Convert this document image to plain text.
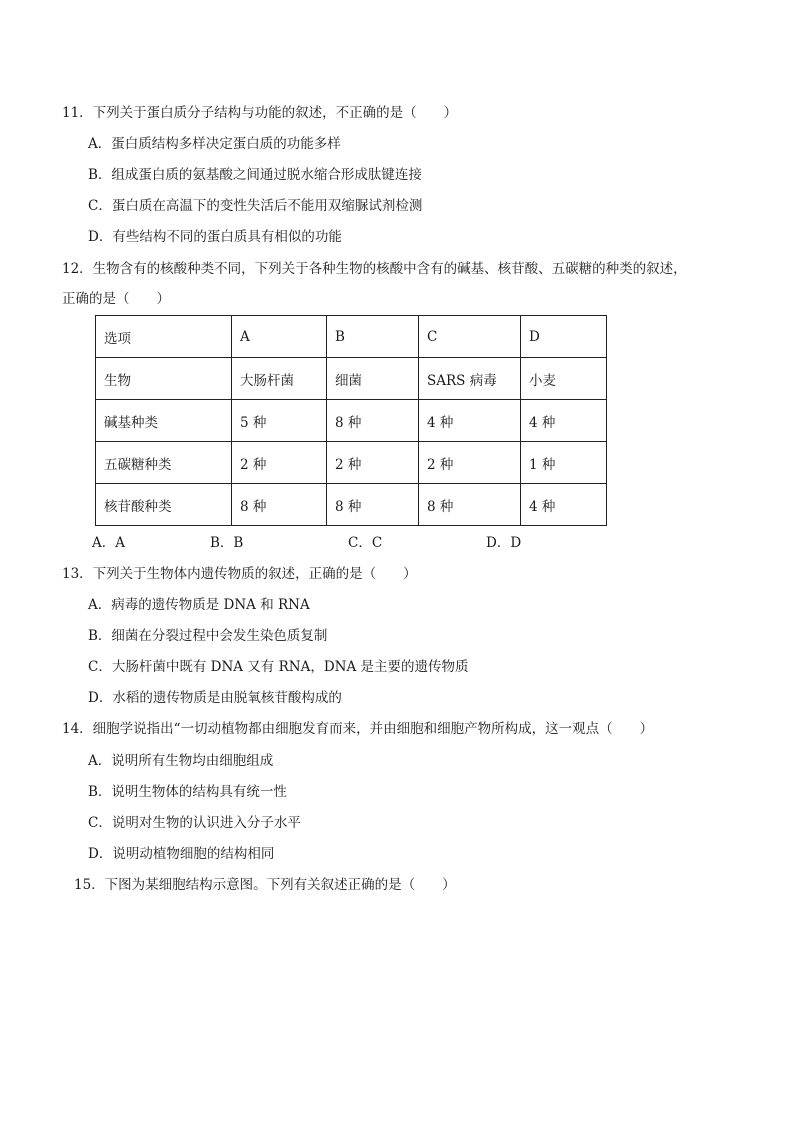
11．下列关于蛋白质分子结构与功能的叙述，不正确的是（　　）
A．蛋白质结构多样决定蛋白质的功能多样
B．组成蛋白质的氨基酸之间通过脱水缩合形成肽键连接
C．蛋白质在高温下的变性失活后不能用双缩脲试剂检测
D．有些结构不同的蛋白质具有相似的功能
12．生物含有的核酸种类不同，下列关于各种生物的核酸中含有的碱基、核苷酸、五碳糖的种类的叙述，
正确的是（　　）
选项	A	B	C	D
生物	大肠杆菌	细菌	SARS 病毒	小麦
碱基种类	5 种	8 种	4 种	4 种
五碳糖种类	2 种	2 种	2 种	1 种
核苷酸种类	8 种	8 种	8 种	4 种
A．A	B．B	C．C	D．D
13．下列关于生物体内遗传物质的叙述，正确的是（　　）
A．病毒的遗传物质是 DNA 和 RNA
B．细菌在分裂过程中会发生染色质复制
C．大肠杆菌中既有 DNA 又有 RNA，DNA 是主要的遗传物质
D．水稻的遗传物质是由脱氧核苷酸构成的
14．细胞学说指出“一切动植物都由细胞发育而来，并由细胞和细胞产物所构成，这一观点（　　）
A．说明所有生物均由细胞组成
B．说明生物体的结构具有统一性
C．说明对生物的认识进入分子水平
D．说明动植物细胞的结构相同
15．下图为某细胞结构示意图。下列有关叙述正确的是（　　）
